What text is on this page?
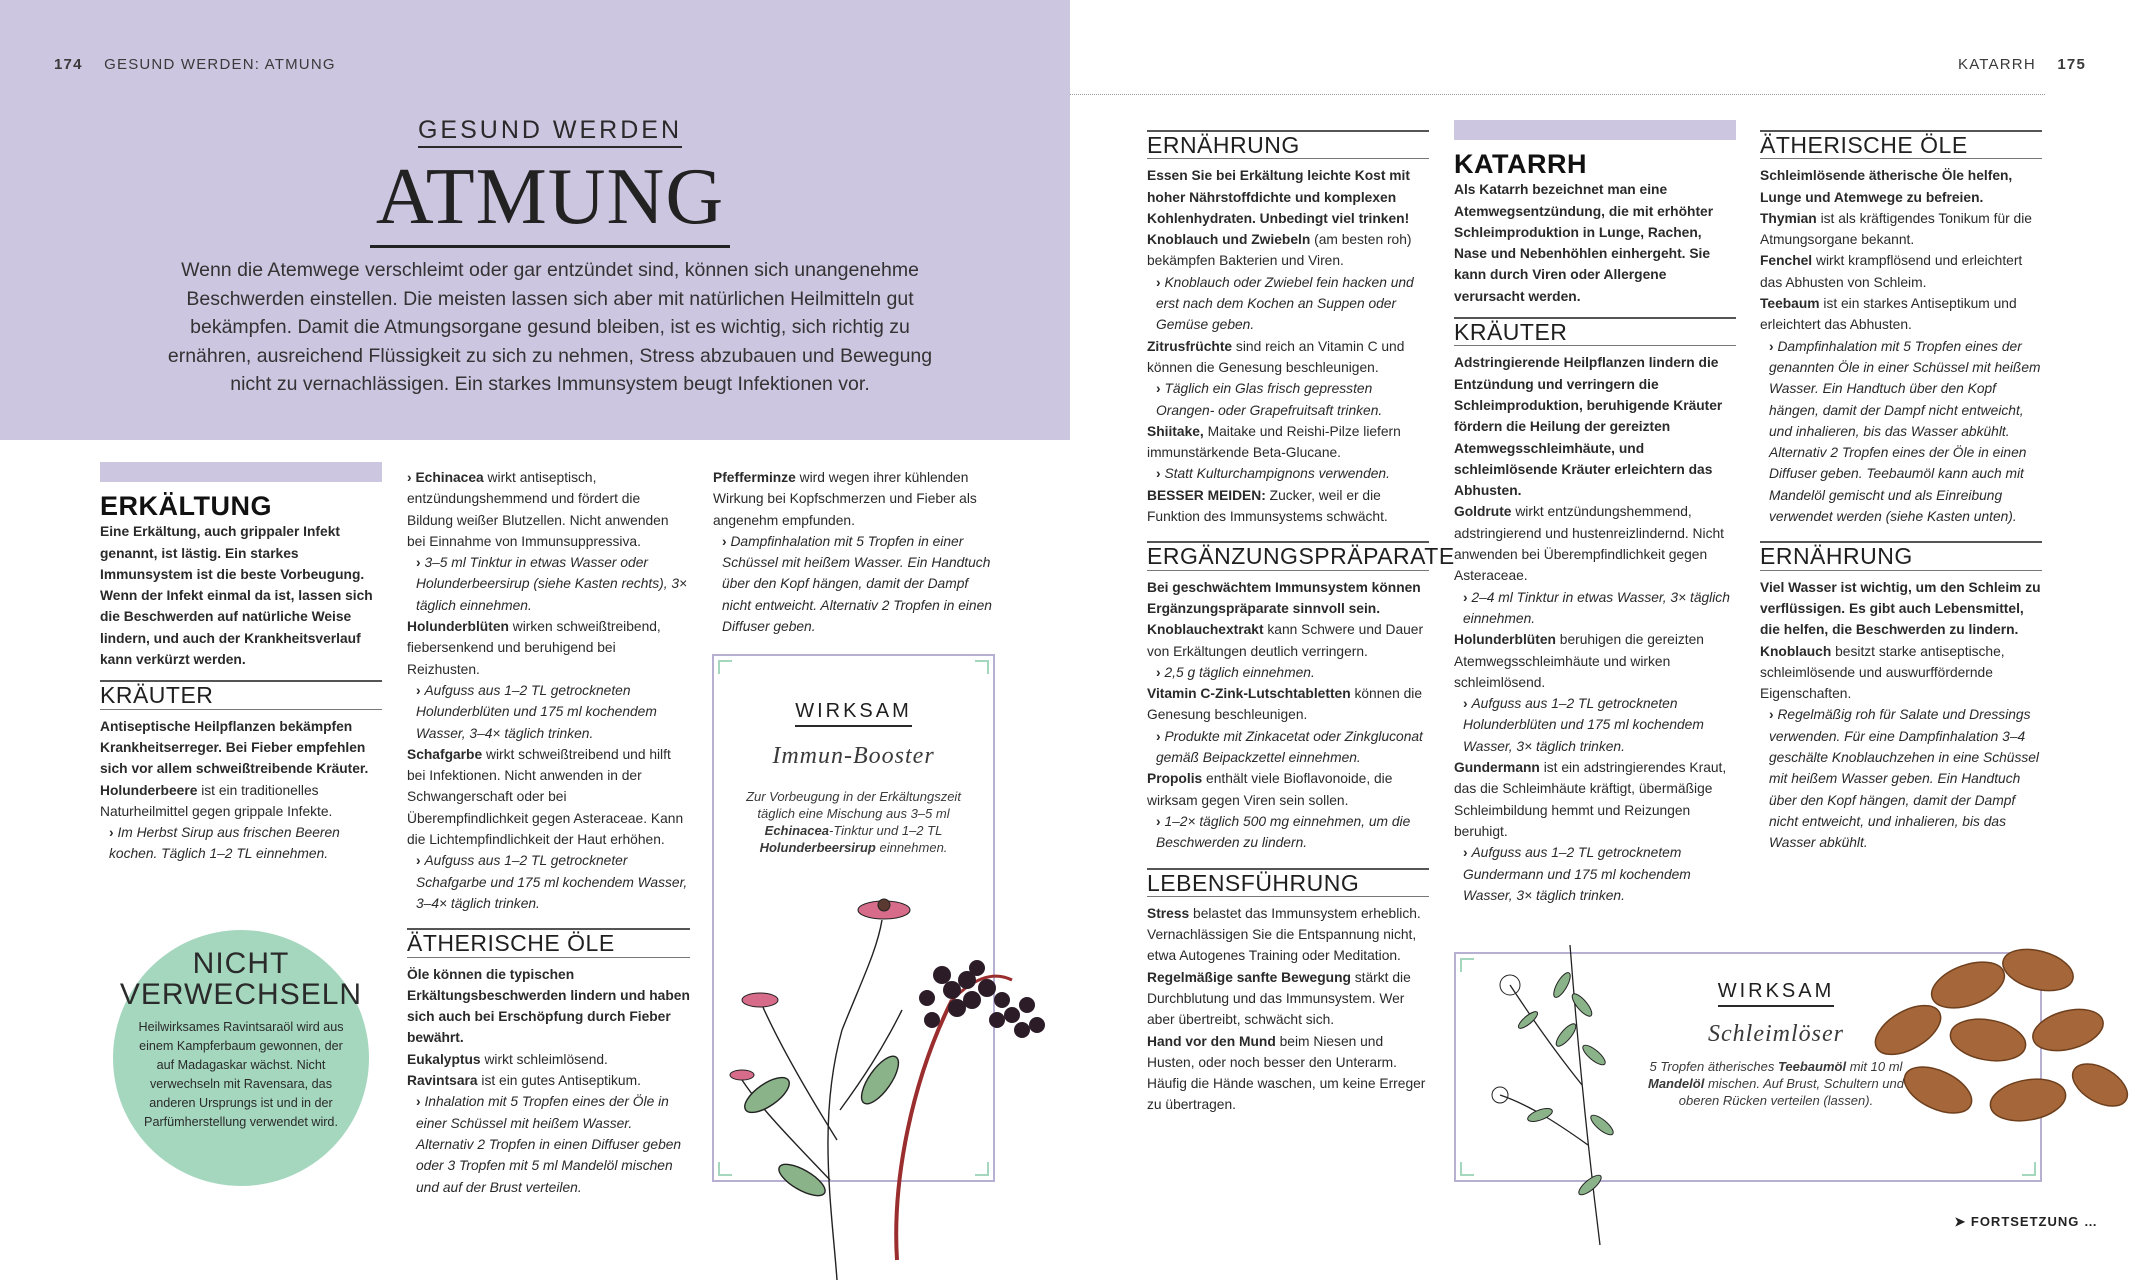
174 GESUND WERDEN: ATMUNG	KATARRH 175
GESUND WERDEN
ATMUNG
Wenn die Atemwege verschleimt oder gar entzündet sind, können sich unangenehme Beschwerden einstellen. Die meisten lassen sich aber mit natürlichen Heilmitteln gut bekämpfen. Damit die Atmungsorgane gesund bleiben, ist es wichtig, sich richtig zu ernähren, ausreichend Flüssigkeit zu sich zu nehmen, Stress abzubauen und Bewegung nicht zu vernachlässigen. Ein starkes Immunsystem beugt Infektionen vor.
ERKÄLTUNG

Eine Erkältung, auch grippaler Infekt genannt, ist lästig. Ein starkes Immunsystem ist die beste Vorbeugung. Wenn der Infekt einmal da ist, lassen sich die Beschwerden auf natürliche Weise lindern, und auch der Krankheitsverlauf kann verkürzt werden.

KRÄUTER

Antiseptische Heilpflanzen bekämpfen Krankheitserreger. Bei Fieber empfehlen sich vor allem schweißtreibende Kräuter.

Holunderbeere ist ein traditionelles Naturheilmittel gegen grippale Infekte.

› Im Herbst Sirup aus frischen Beeren kochen. Täglich 1–2 TL einnehmen.

NICHT
VERWECHSELN
Heilwirksames Ravintsaraöl wird aus einem Kampferbaum gewonnen, der auf Madagaskar wächst. Nicht verwechseln mit Ravensara, das anderen Ursprungs ist und in der Parfümherstellung verwendet wird.

› Echinacea wirkt antiseptisch, entzündungshemmend und fördert die Bildung weißer Blutzellen. Nicht anwenden bei Einnahme von Immunsuppressiva.

› 3–5 ml Tinktur in etwas Wasser oder Holunderbeersirup (siehe Kasten rechts), 3× täglich einnehmen.

Holunderblüten wirken schweißtreibend, fiebersenkend und beruhigend bei Reizhusten.

› Aufguss aus 1–2 TL getrockneten Holunderblüten und 175 ml kochendem Wasser, 3–4× täglich trinken.

Schafgarbe wirkt schweißtreibend und hilft bei Infektionen. Nicht anwenden in der Schwangerschaft oder bei Überempfindlichkeit gegen Asteraceae. Kann die Lichtempfindlichkeit der Haut erhöhen.

› Aufguss aus 1–2 TL getrockneter Schafgarbe und 175 ml kochendem Wasser, 3–4× täglich trinken.

ÄTHERISCHE ÖLE

Öle können die typischen Erkältungsbeschwerden lindern und haben sich auch bei Erschöpfung durch Fieber bewährt.

Eukalyptus wirkt schleimlösend.

Ravintsara ist ein gutes Antiseptikum.

› Inhalation mit 5 Tropfen eines der Öle in einer Schüssel mit heißem Wasser. Alternativ 2 Tropfen in einen Diffuser geben oder 3 Tropfen mit 5 ml Mandelöl mischen und auf der Brust verteilen.

Pfefferminze wird wegen ihrer kühlenden Wirkung bei Kopfschmerzen und Fieber als angenehm empfunden.

› Dampfinhalation mit 5 Tropfen in einer Schüssel mit heißem Wasser. Ein Handtuch über den Kopf hängen, damit der Dampf nicht entweicht. Alternativ 2 Tropfen in einen Diffuser geben.

WIRKSAM
Immun-Booster
Zur Vorbeugung in der Erkältungszeit täglich eine Mischung aus 3–5 ml Echinacea-Tinktur und 1–2 TL Holunderbeersirup einnehmen.
ERNÄHRUNG

Essen Sie bei Erkältung leichte Kost mit hoher Nährstoffdichte und komplexen Kohlenhydraten. Unbedingt viel trinken!

Knoblauch und Zwiebeln (am besten roh) bekämpfen Bakterien und Viren.

› Knoblauch oder Zwiebel fein hacken und erst nach dem Kochen an Suppen oder Gemüse geben.

Zitrusfrüchte sind reich an Vitamin C und können die Genesung beschleunigen.

› Täglich ein Glas frisch gepressten Orangen- oder Grapefruitsaft trinken.

Shiitake, Maitake und Reishi-Pilze liefern immunstärkende Beta-Glucane.

› Statt Kulturchampignons verwenden.

BESSER MEIDEN: Zucker, weil er die Funktion des Immunsystems schwächt.

ERGÄNZUNGSPRÄPARATE

Bei geschwächtem Immunsystem können Ergänzungspräparate sinnvoll sein.

Knoblauchextrakt kann Schwere und Dauer von Erkältungen deutlich verringern.

› 2,5 g täglich einnehmen.

Vitamin C-Zink-Lutschtabletten können die Genesung beschleunigen.

› Produkte mit Zinkacetat oder Zinkgluconat gemäß Beipackzettel einnehmen.

Propolis enthält viele Bioflavonoide, die wirksam gegen Viren sein sollen.

› 1–2× täglich 500 mg einnehmen, um die Beschwerden zu lindern.

LEBENSFÜHRUNG

Stress belastet das Immunsystem erheblich. Vernachlässigen Sie die Entspannung nicht, etwa Autogenes Training oder Meditation.

Regelmäßige sanfte Bewegung stärkt die Durchblutung und das Immunsystem. Wer aber übertreibt, schwächt sich.

Hand vor den Mund beim Niesen und Husten, oder noch besser den Unterarm. Häufig die Hände waschen, um keine Erreger zu übertragen.

KATARRH

Als Katarrh bezeichnet man eine Atemwegsentzündung, die mit erhöhter Schleimproduktion in Lunge, Rachen, Nase und Nebenhöhlen einhergeht. Sie kann durch Viren oder Allergene verursacht werden.

KRÄUTER

Adstringierende Heilpflanzen lindern die Entzündung und verringern die Schleimproduktion, beruhigende Kräuter fördern die Heilung der gereizten Atemwegsschleimhäute, und schleimlösende Kräuter erleichtern das Abhusten.

Goldrute wirkt entzündungshemmend, adstringierend und hustenreizlindernd. Nicht anwenden bei Überempfindlichkeit gegen Asteraceae.

› 2–4 ml Tinktur in etwas Wasser, 3× täglich einnehmen.

Holunderblüten beruhigen die gereizten Atemwegsschleimhäute und wirken schleimlösend.

› Aufguss aus 1–2 TL getrockneten Holunderblüten und 175 ml kochendem Wasser, 3× täglich trinken.

Gundermann ist ein adstringierendes Kraut, das die Schleimhäute kräftigt, übermäßige Schleimbildung hemmt und Reizungen beruhigt.

› Aufguss aus 1–2 TL getrocknetem Gundermann und 175 ml kochendem Wasser, 3× täglich trinken.

ÄTHERISCHE ÖLE

Schleimlösende ätherische Öle helfen, Lunge und Atemwege zu befreien.

Thymian ist als kräftigendes Tonikum für die Atmungsorgane bekannt.

Fenchel wirkt krampflösend und erleichtert das Abhusten von Schleim.

Teebaum ist ein starkes Antiseptikum und erleichtert das Abhusten.

› Dampfinhalation mit 5 Tropfen eines der genannten Öle in einer Schüssel mit heißem Wasser. Ein Handtuch über den Kopf hängen, damit der Dampf nicht entweicht, und inhalieren, bis das Wasser abkühlt. Alternativ 2 Tropfen eines der Öle in einen Diffuser geben. Teebaumöl kann auch mit Mandelöl gemischt und als Einreibung verwendet werden (siehe Kasten unten).

ERNÄHRUNG

Viel Wasser ist wichtig, um den Schleim zu verflüssigen. Es gibt auch Lebensmittel, die helfen, die Beschwerden zu lindern.

Knoblauch besitzt starke antiseptische, schleimlösende und auswurffördernde Eigenschaften.

› Regelmäßig roh für Salate und Dressings verwenden. Für eine Dampfinhalation 3–4 geschälte Knoblauchzehen in eine Schüssel mit heißem Wasser geben. Ein Handtuch über den Kopf hängen, damit der Dampf nicht entweicht, und inhalieren, bis das Wasser abkühlt.

WIRKSAM
Schleimlöser
5 Tropfen ätherisches Teebaumöl mit 10 ml Mandelöl mischen. Auf Brust, Schultern und oberen Rücken verteilen (lassen).
➤ FORTSETZUNG …
